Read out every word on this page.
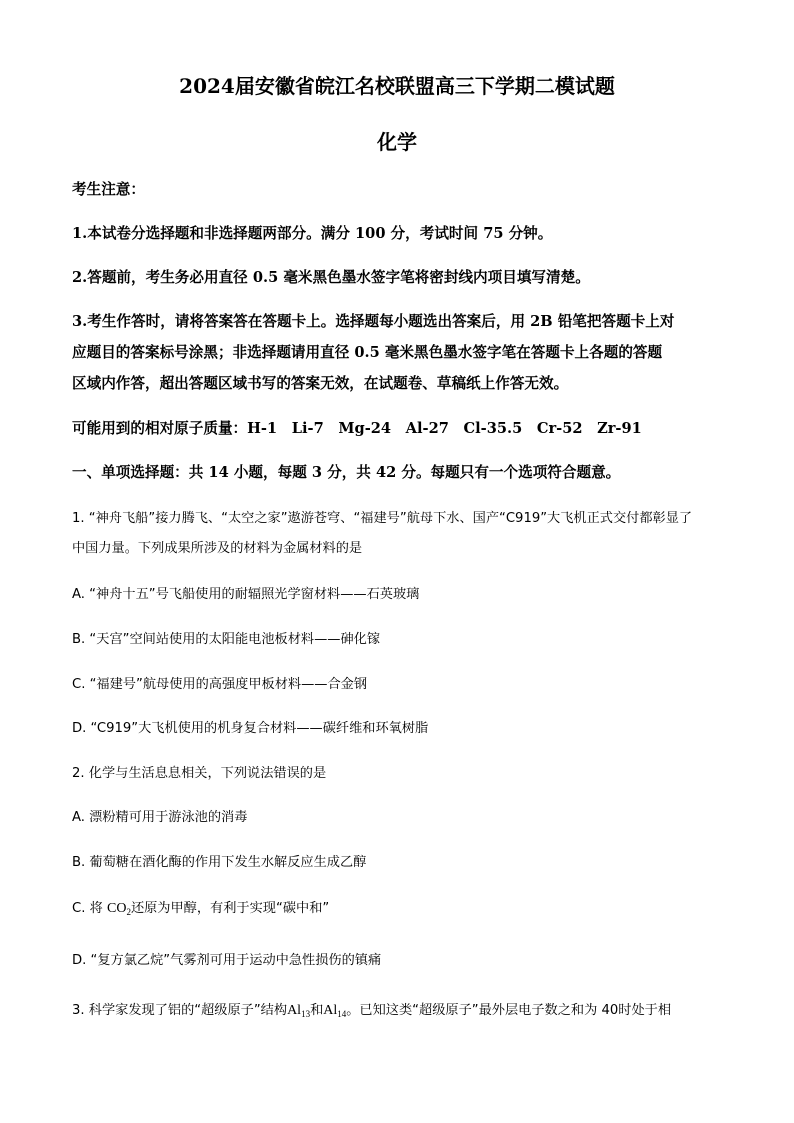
2024届安徽省皖江名校联盟高三下学期二模试题
化学
考生注意：
1.本试卷分选择题和非选择题两部分。满分 100 分，考试时间 75 分钟。
2.答题前，考生务必用直径 0.5 毫米黑色墨水签字笔将密封线内项目填写清楚。
3.考生作答时，请将答案答在答题卡上。选择题每小题选出答案后，用 2B 铅笔把答题卡上对
应题目的答案标号涂黑；非选择题请用直径 0.5 毫米黑色墨水签字笔在答题卡上各题的答题
区域内作答，超出答题区域书写的答案无效，在试题卷、草稿纸上作答无效。
可能用到的相对原子质量：H-1　Li-7　Mg-24　Al-27　Cl-35.5　Cr-52　Zr-91
一、单项选择题：共 14 小题，每题 3 分，共 42 分。每题只有一个选项符合题意。
1. “神舟飞船”接力腾飞、“太空之家”遨游苍穹、“福建号”航母下水、国产“C919”大飞机正式交付都彰显了
中国力量。下列成果所涉及的材料为金属材料的是
A. “神舟十五”号飞船使用的耐辐照光学窗材料——石英玻璃
B. “天宫”空间站使用的太阳能电池板材料——砷化镓
C. “福建号”航母使用的高强度甲板材料——合金钢
D. “C919”大飞机使用的机身复合材料——碳纤维和环氧树脂
2. 化学与生活息息相关，下列说法错误的是
A. 漂粉精可用于游泳池的消毒
B. 葡萄糖在酒化酶的作用下发生水解反应生成乙醇
C. 将 $CO_2$还原为甲醇，有利于实现“碳中和”
D. “复方氯乙烷”气雾剂可用于运动中急性损伤的镇痛
3. 科学家发现了铝的“超级原子”结构$Al_{13}$和$Al_{14}$。已知这类“超级原子”最外层电子数之和为 40时处于相
